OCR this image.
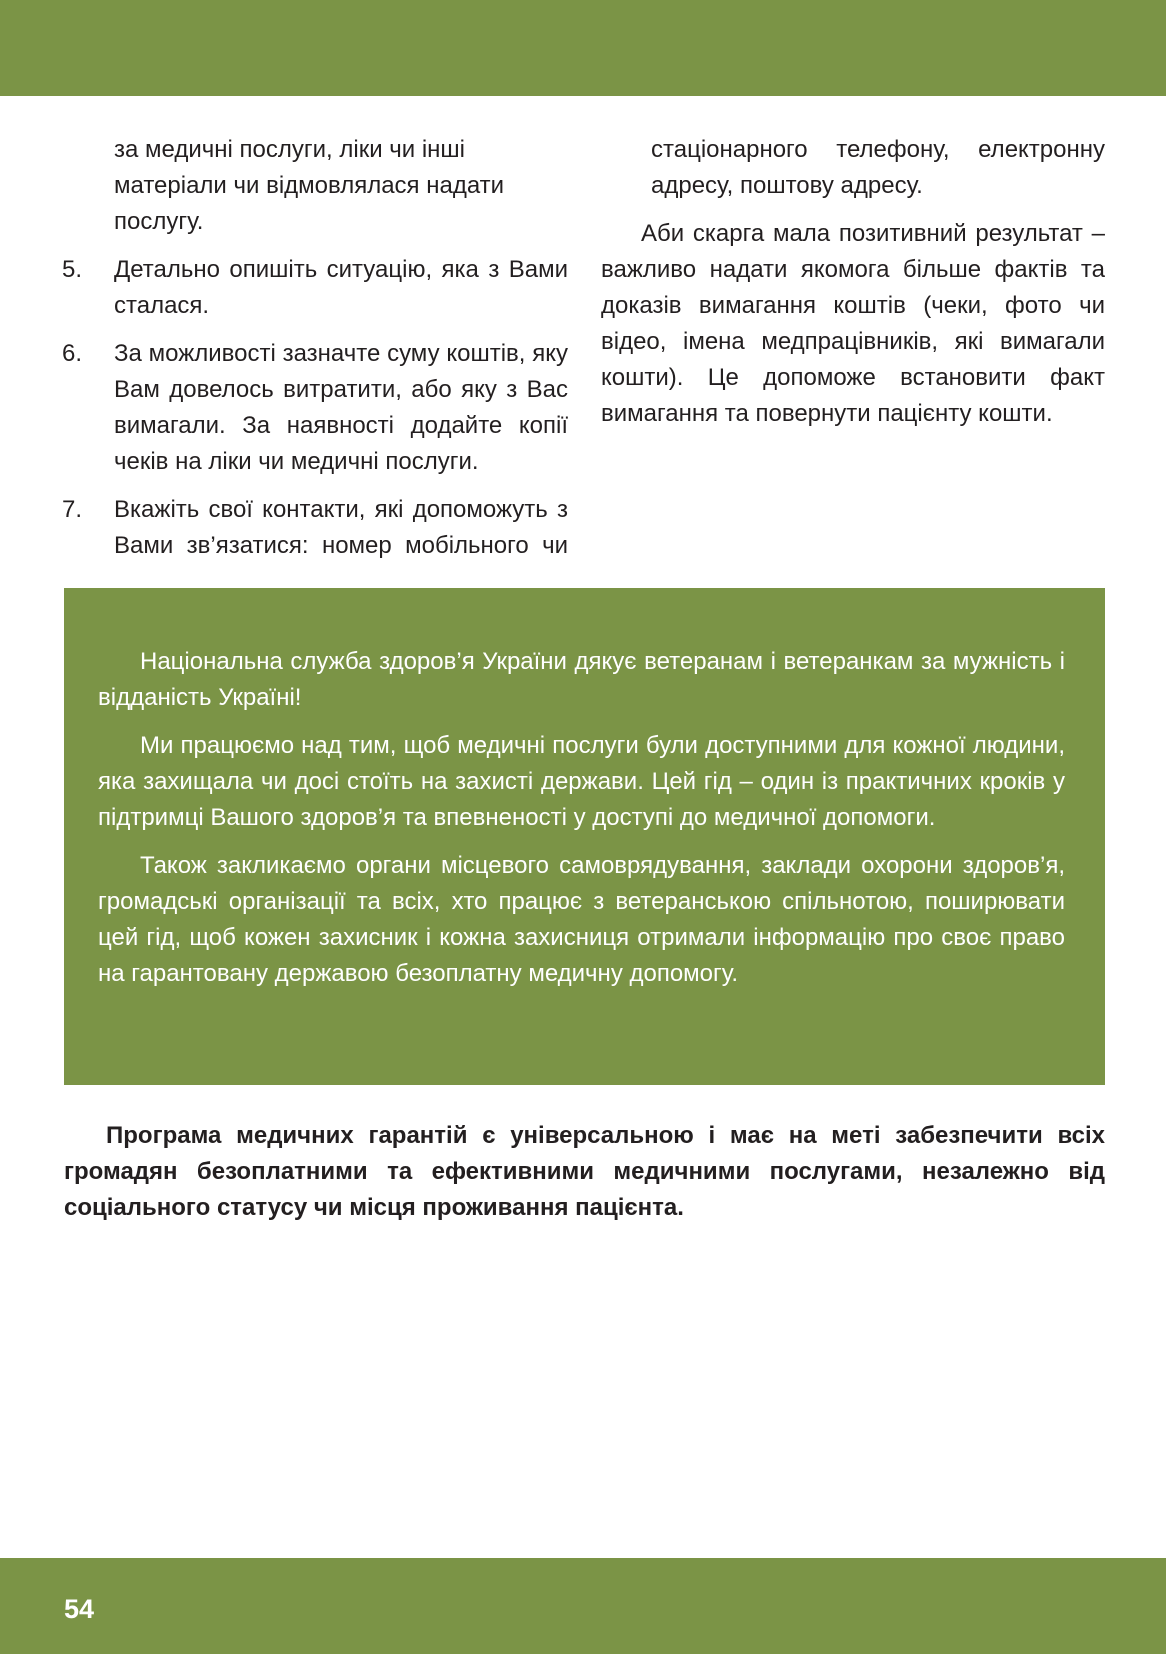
за медичні послуги, ліки чи інші матеріали чи відмовлялася надати послугу.
5. Детально опишіть ситуацію, яка з Вами сталася.
6. За можливості зазначте суму коштів, яку Вам довелось витратити, або яку з Вас вимагали. За наявності додайте копії чеків на ліки чи медичні послуги.
7. Вкажіть свої контакти, які допоможуть з Вами зв’язатися: номер мобільного чи
стаціонарного телефону, електронну адресу, поштову адресу.

Аби скарга мала позитивний результат – важливо надати якомога більше фактів та доказів вимагання коштів (чеки, фото чи відео, імена медпрацівників, які вимагали кошти). Це допоможе встановити факт вимагання та повернути пацієнту кошти.

Національна служба здоров’я України дякує ветеранам і ветеранкам за мужність і відданість Україні!

Ми працюємо над тим, щоб медичні послуги були доступними для кожної людини, яка захищала чи досі стоїть на захисті держави. Цей гід – один із практичних кроків у підтримці Вашого здоров’я та впевненості у доступі до медичної допомоги.

Також закликаємо органи місцевого самоврядування, заклади охорони здоров’я, громадські організації та всіх, хто працює з ветеранською спільнотою, поширювати цей гід, щоб кожен захисник і кожна захисниця отримали інформацію про своє право на гарантовану державою безоплатну медичну допомогу.

Програма медичних гарантій є універсальною і має на меті забезпечити всіх громадян безоплатними та ефективними медичними послугами, незалежно від соціального статусу чи місця проживання пацієнта.

54
